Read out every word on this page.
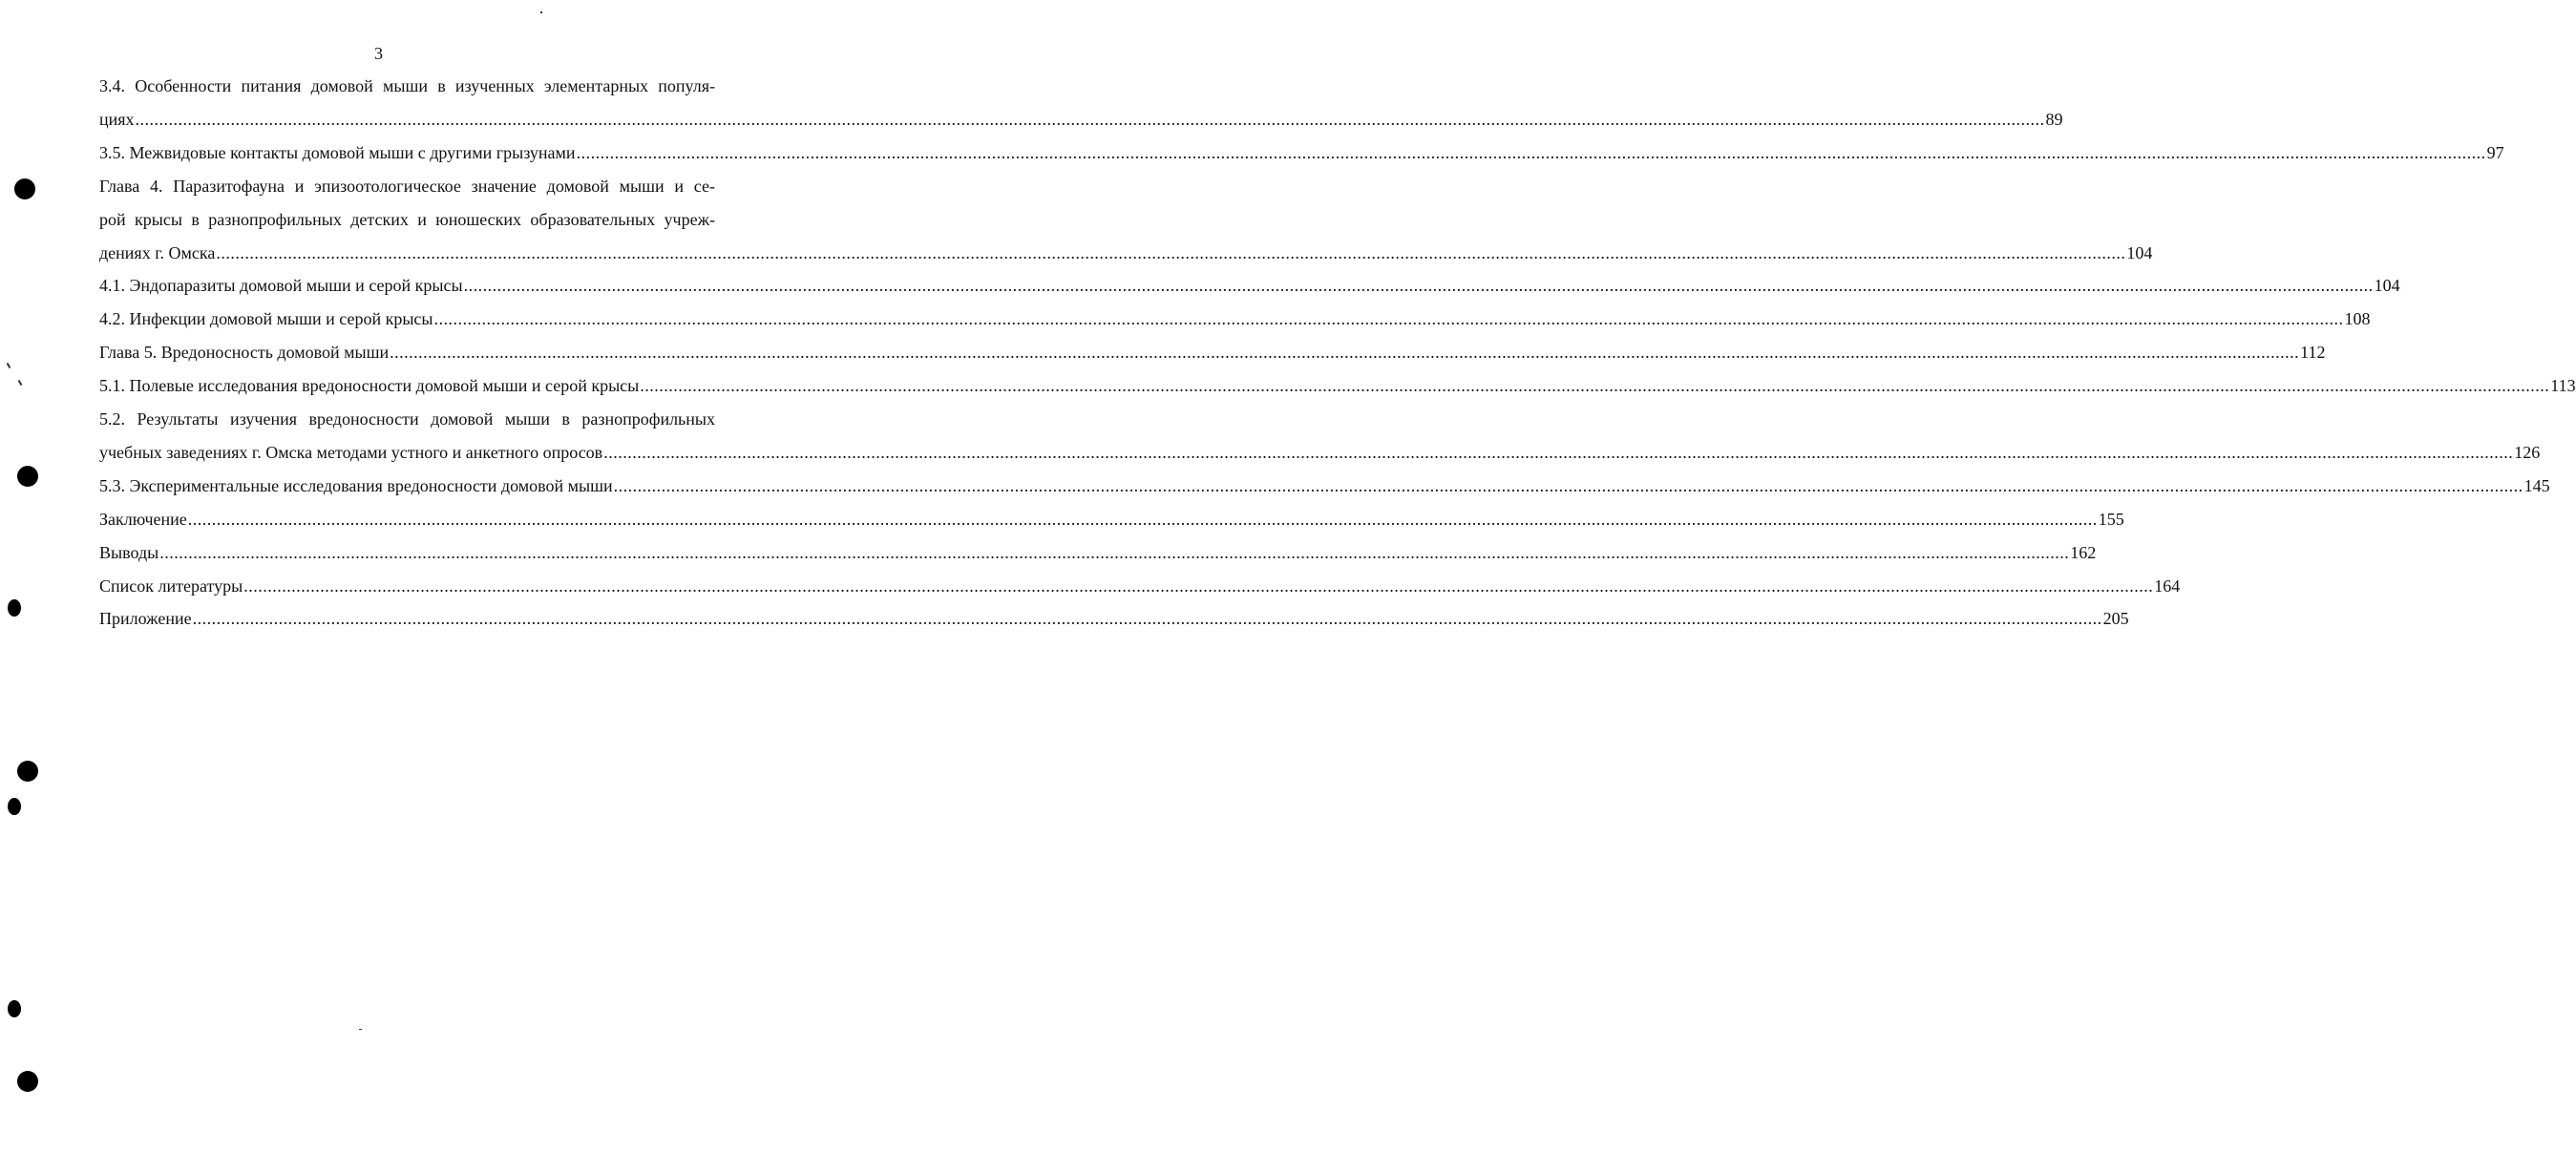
3
3.4. Особенности питания домовой мыши в изученных элементарных популя-
циях ................................................................................................................................................................................................................................................................................................................................................................................................................ 89
3.5. Межвидовые контакты домовой мыши с другими грызунами ................................................................................................................................................................................................................................................................................................................................................................................................................ 97
Глава 4. Паразитофауна и эпизоотологическое значение домовой мыши и се-
рой крысы в разнопрофильных детских и юношеских образовательных учреж-
дениях г. Омска ................................................................................................................................................................................................................................................................................................................................................................................................................ 104
4.1. Эндопаразиты домовой мыши и серой крысы ................................................................................................................................................................................................................................................................................................................................................................................................................ 104
4.2. Инфекции домовой мыши и серой крысы ................................................................................................................................................................................................................................................................................................................................................................................................................ 108
Глава 5. Вредоносность домовой мыши ................................................................................................................................................................................................................................................................................................................................................................................................................ 112
5.1. Полевые исследования вредоносности домовой мыши и серой крысы ................................................................................................................................................................................................................................................................................................................................................................................................................ 113
5.2. Результаты изучения вредоносности домовой мыши в разнопрофильных
учебных заведениях г. Омска методами устного и анкетного опросов ................................................................................................................................................................................................................................................................................................................................................................................................................ 126
5.3. Экспериментальные исследования вредоносности домовой мыши ................................................................................................................................................................................................................................................................................................................................................................................................................ 145
Заключение ................................................................................................................................................................................................................................................................................................................................................................................................................ 155
Выводы ................................................................................................................................................................................................................................................................................................................................................................................................................ 162
Список литературы ................................................................................................................................................................................................................................................................................................................................................................................................................ 164
Приложение ................................................................................................................................................................................................................................................................................................................................................................................................................ 205
